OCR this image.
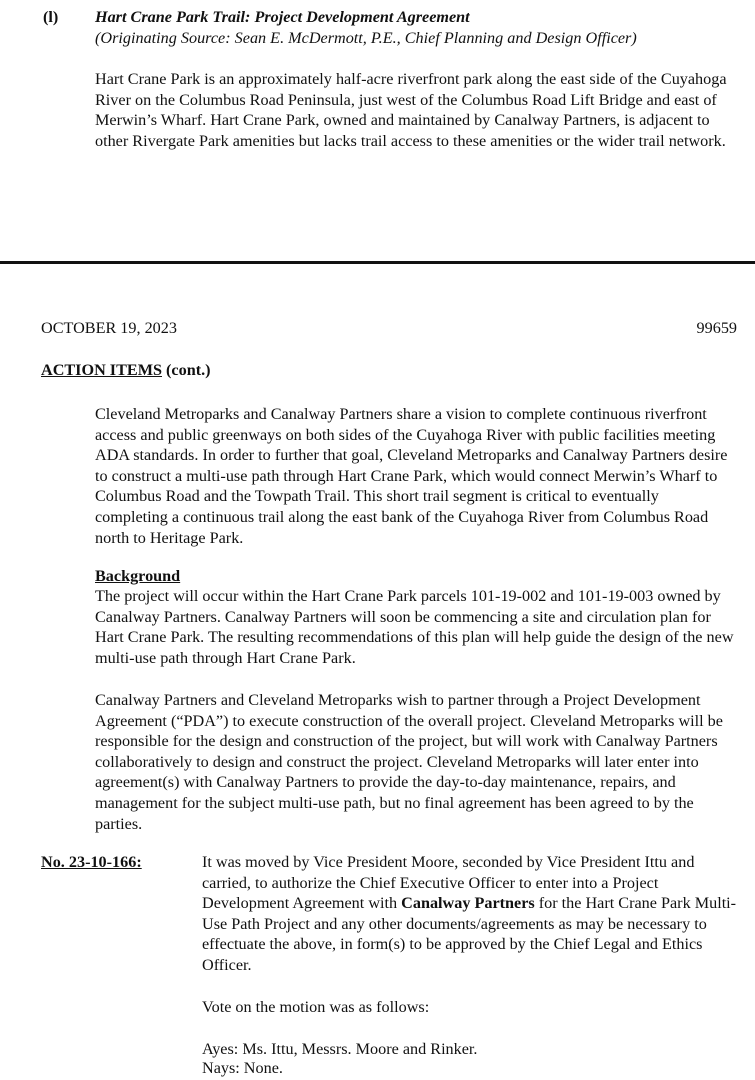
(l) Hart Crane Park Trail: Project Development Agreement
(Originating Source: Sean E. McDermott, P.E., Chief Planning and Design Officer)

Hart Crane Park is an approximately half-acre riverfront park along the east side of the Cuyahoga River on the Columbus Road Peninsula, just west of the Columbus Road Lift Bridge and east of Merwin’s Wharf. Hart Crane Park, owned and maintained by Canalway Partners, is adjacent to other Rivergate Park amenities but lacks trail access to these amenities or the wider trail network.

OCTOBER 19, 2023	99659
ACTION ITEMS (cont.)

Cleveland Metroparks and Canalway Partners share a vision to complete continuous riverfront access and public greenways on both sides of the Cuyahoga River with public facilities meeting ADA standards. In order to further that goal, Cleveland Metroparks and Canalway Partners desire to construct a multi-use path through Hart Crane Park, which would connect Merwin’s Wharf to Columbus Road and the Towpath Trail. This short trail segment is critical to eventually completing a continuous trail along the east bank of the Cuyahoga River from Columbus Road north to Heritage Park.

Background

The project will occur within the Hart Crane Park parcels 101-19-002 and 101-19-003 owned by Canalway Partners. Canalway Partners will soon be commencing a site and circulation plan for Hart Crane Park. The resulting recommendations of this plan will help guide the design of the new multi-use path through Hart Crane Park.

Canalway Partners and Cleveland Metroparks wish to partner through a Project Development Agreement (“PDA”) to execute construction of the overall project. Cleveland Metroparks will be responsible for the design and construction of the project, but will work with Canalway Partners collaboratively to design and construct the project. Cleveland Metroparks will later enter into agreement(s) with Canalway Partners to provide the day-to-day maintenance, repairs, and management for the subject multi-use path, but no final agreement has been agreed to by the parties.

No. 23-10-166:	It was moved by Vice President Moore, seconded by Vice President Ittu and carried, to authorize the Chief Executive Officer to enter into a Project Development Agreement with Canalway Partners for the Hart Crane Park Multi-Use Path Project and any other documents/agreements as may be necessary to effectuate the above, in form(s) to be approved by the Chief Legal and Ethics Officer.

Vote on the motion was as follows:
Ayes: Ms. Ittu, Messrs. Moore and Rinker.
Nays: None.
